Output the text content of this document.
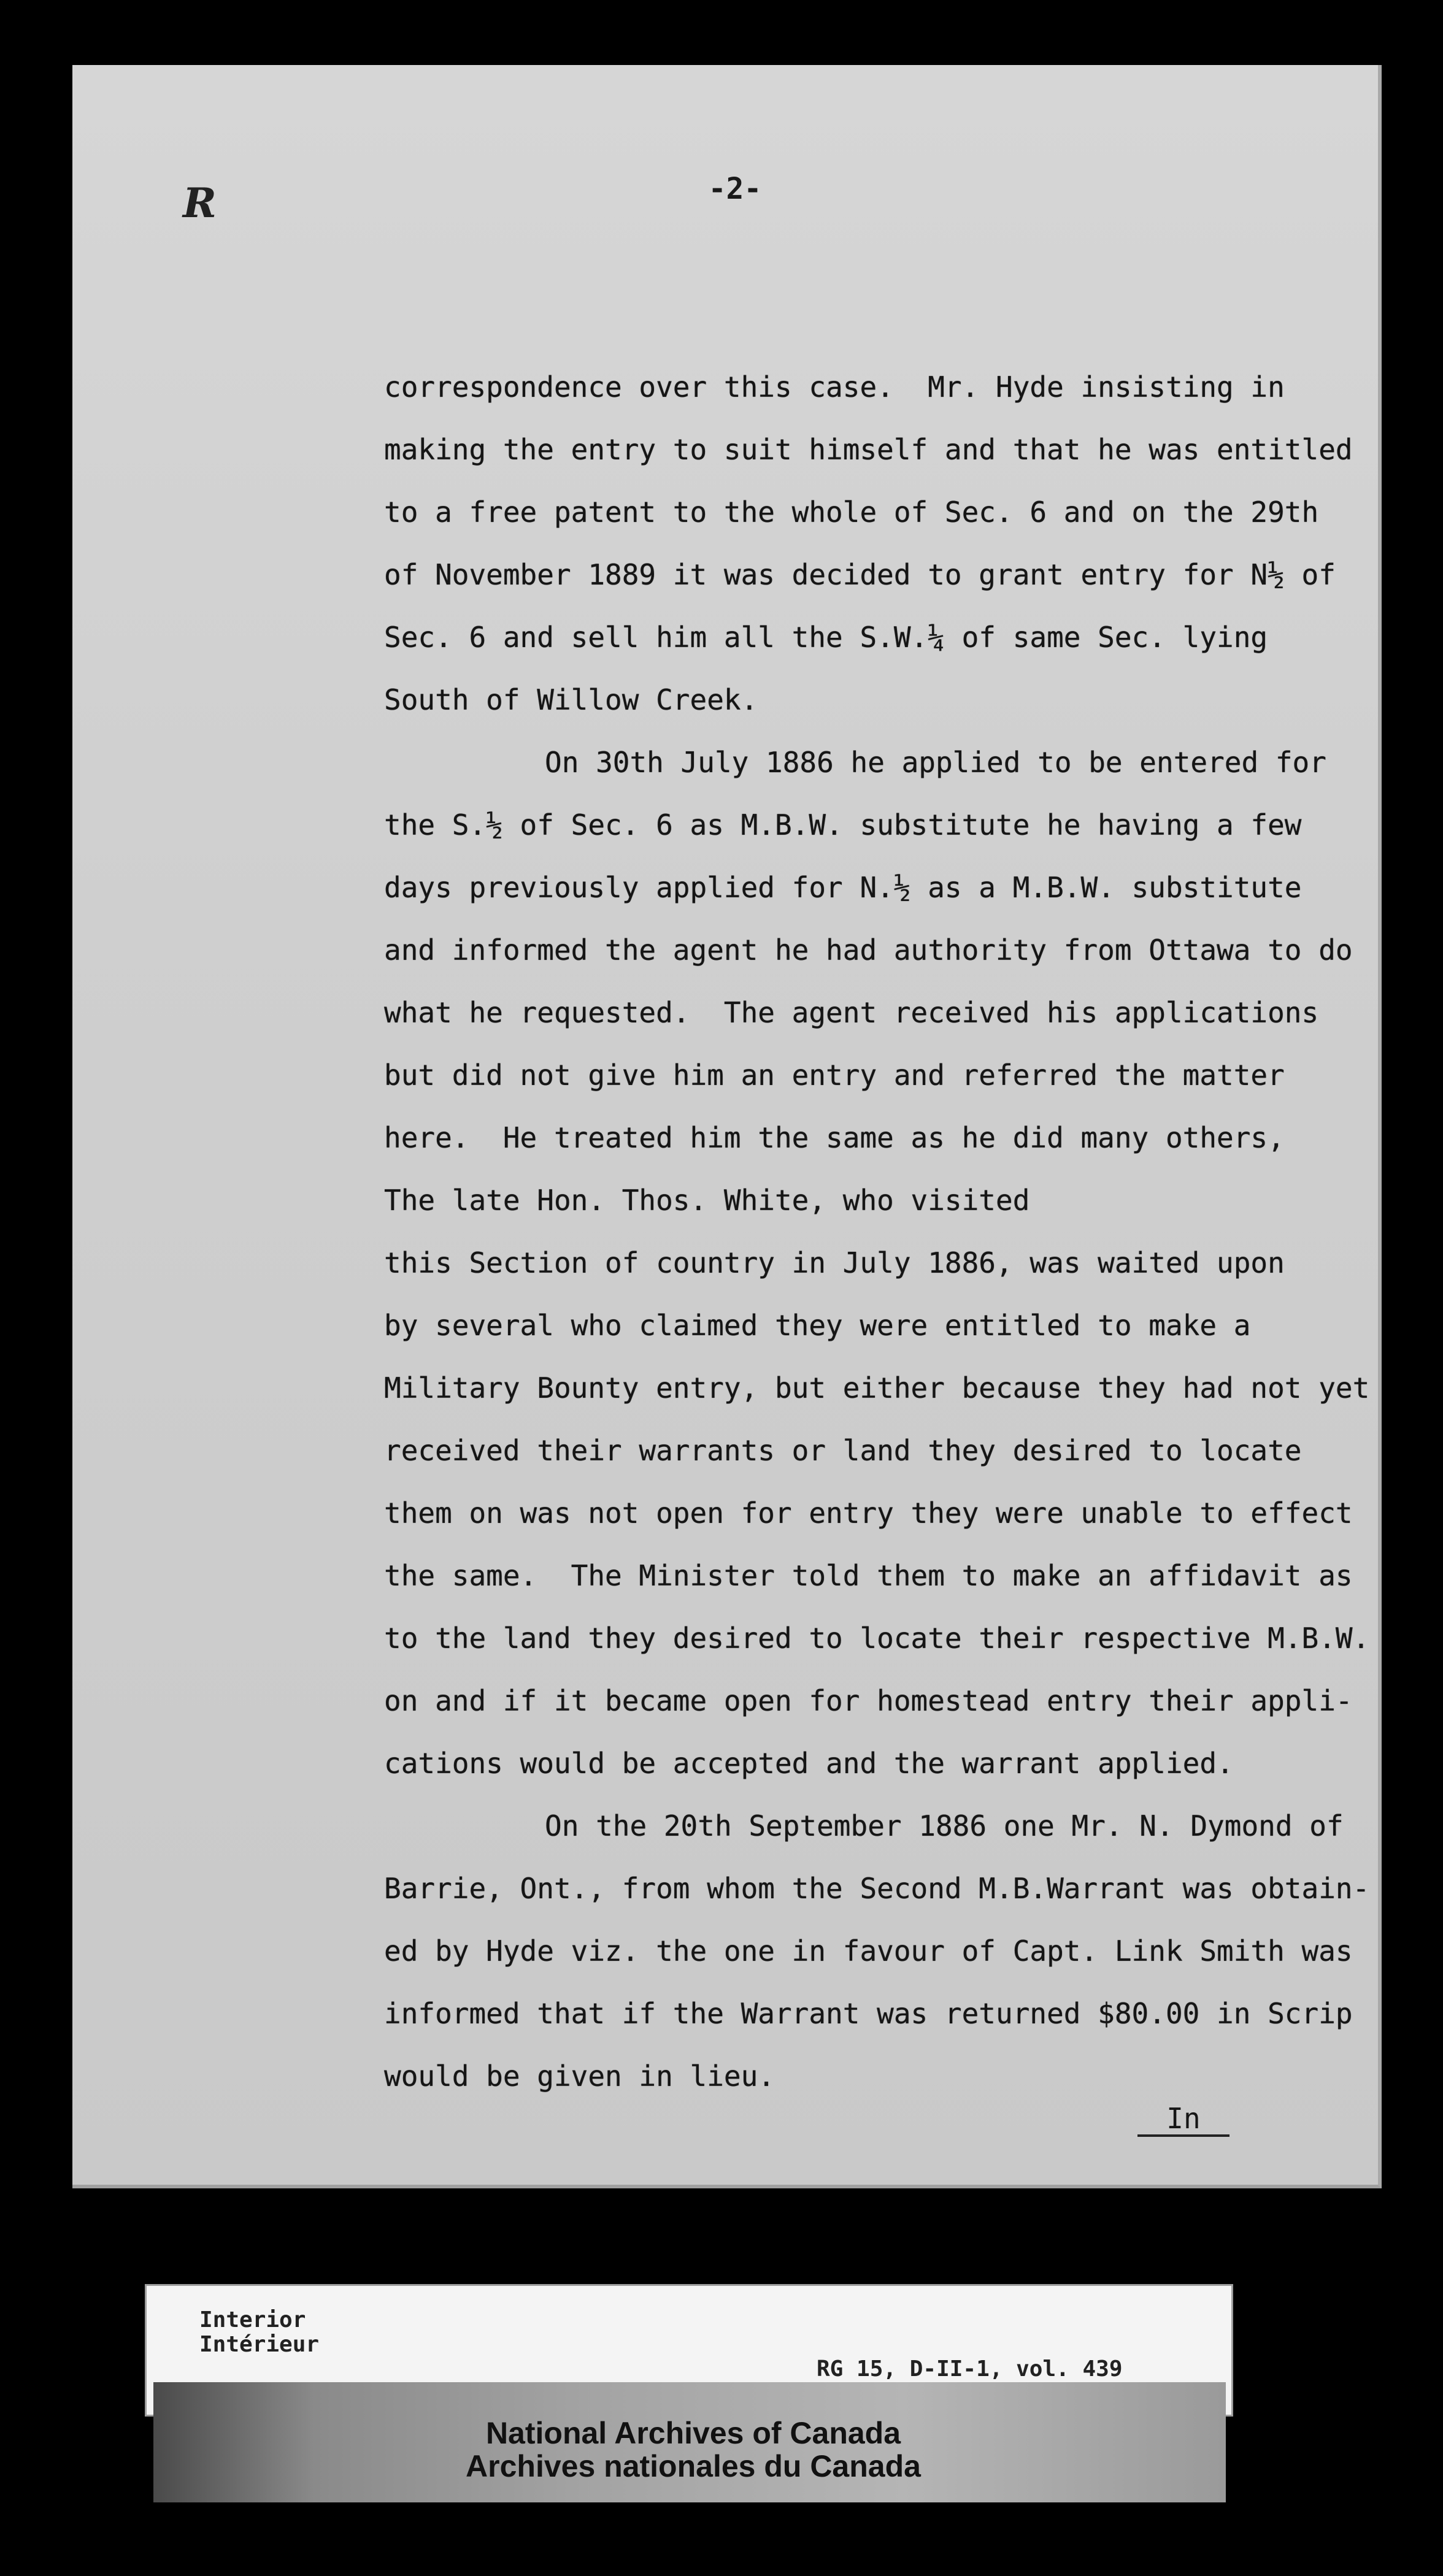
R	-2-
correspondence over this case.  Mr. Hyde insisting in
making the entry to suit himself and that he was entitled
to a free patent to the whole of Sec. 6 and on the 29th
of November 1889 it was decided to grant entry for N½ of
Sec. 6 and sell him all the S.W.¼ of same Sec. lying
South of Willow Creek.
On 30th July 1886 he applied to be entered for
the S.½ of Sec. 6 as M.B.W. substitute he having a few
days previously applied for N.½ as a M.B.W. substitute
and informed the agent he had authority from Ottawa to do
what he requested.  The agent received his applications
but did not give him an entry and referred the matter
here.  He treated him the same as he did many others,
The late Hon. Thos. White, who visited
this Section of country in July 1886, was waited upon
by several who claimed they were entitled to make a
Military Bounty entry, but either because they had not yet
received their warrants or land they desired to locate
them on was not open for entry they were unable to effect
the same.  The Minister told them to make an affidavit as
to the land they desired to locate their respective M.B.W.
on and if it became open for homestead entry their appli-
cations would be accepted and the warrant applied.
On the 20th September 1886 one Mr. N. Dymond of
Barrie, Ont., from whom the Second M.B.Warrant was obtain-
ed by Hyde viz. the one in favour of Capt. Link Smith was
informed that if the Warrant was returned $80.00 in Scrip
would be given in lieu.
In
Interior
Intérieur

RG 15, D-II-1, vol. 439

National Archives of Canada
Archives nationales du Canada
